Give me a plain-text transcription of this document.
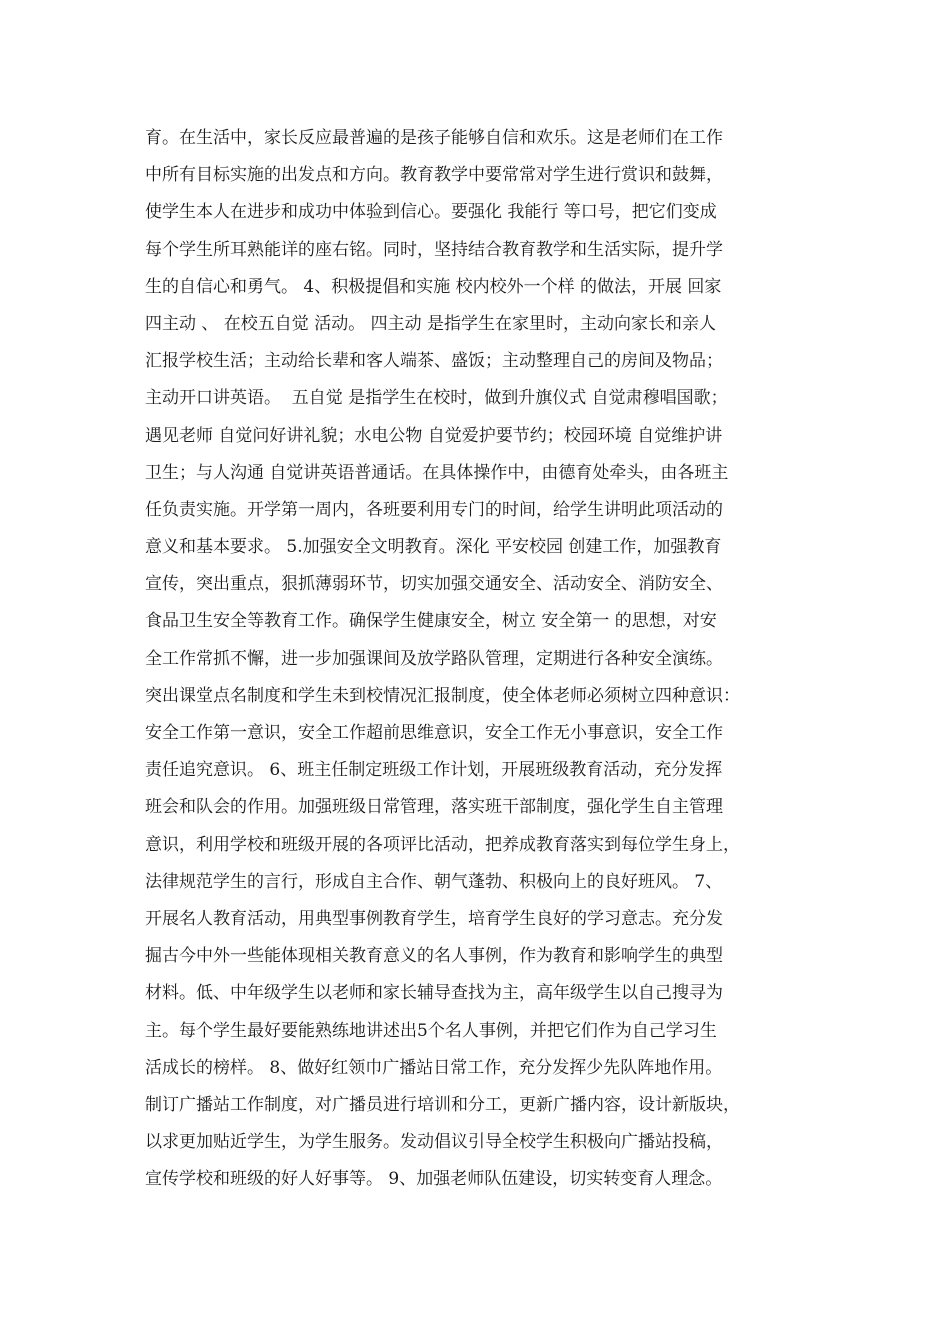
育。在生活中，家长反应最普遍的是孩子能够自信和欢乐。这是老师们在工作
中所有目标实施的出发点和方向。教育教学中要常常对学生进行赏识和鼓舞，
使学生本人在进步和成功中体验到信心。要强化 我能行 等口号，把它们变成
每个学生所耳熟能详的座右铭。同时，坚持结合教育教学和生活实际，提升学
生的自信心和勇气。 4、积极提倡和实施 校内校外一个样 的做法，开展 回家
四主动 、 在校五自觉 活动。 四主动 是指学生在家里时，主动向家长和亲人
汇报学校生活；主动给长辈和客人端茶、盛饭；主动整理自己的房间及物品；
主动开口讲英语。  五自觉 是指学生在校时，做到升旗仪式 自觉肃穆唱国歌；
遇见老师 自觉问好讲礼貌；水电公物 自觉爱护要节约；校园环境 自觉维护讲
卫生；与人沟通 自觉讲英语普通话。在具体操作中，由德育处牵头，由各班主
任负责实施。开学第一周内，各班要利用专门的时间，给学生讲明此项活动的
意义和基本要求。 5.加强安全文明教育。深化 平安校园 创建工作，加强教育
宣传，突出重点，狠抓薄弱环节，切实加强交通安全、活动安全、消防安全、
食品卫生安全等教育工作。确保学生健康安全，树立 安全第一 的思想，对安
全工作常抓不懈，进一步加强课间及放学路队管理，定期进行各种安全演练。
突出课堂点名制度和学生未到校情况汇报制度，使全体老师必须树立四种意识：
安全工作第一意识，安全工作超前思维意识，安全工作无小事意识，安全工作
责任追究意识。 6、班主任制定班级工作计划，开展班级教育活动，充分发挥
班会和队会的作用。加强班级日常管理，落实班干部制度，强化学生自主管理
意识，利用学校和班级开展的各项评比活动，把养成教育落实到每位学生身上，
法律规范学生的言行，形成自主合作、朝气蓬勃、积极向上的良好班风。 7、
开展名人教育活动，用典型事例教育学生，培育学生良好的学习意志。充分发
掘古今中外一些能体现相关教育意义的名人事例，作为教育和影响学生的典型
材料。低、中年级学生以老师和家长辅导查找为主，高年级学生以自己搜寻为
主。每个学生最好要能熟练地讲述出5个名人事例，并把它们作为自己学习生
活成长的榜样。 8、做好红领巾广播站日常工作，充分发挥少先队阵地作用。
制订广播站工作制度，对广播员进行培训和分工，更新广播内容，设计新版块，
以求更加贴近学生，为学生服务。发动倡议引导全校学生积极向广播站投稿，
宣传学校和班级的好人好事等。 9、加强老师队伍建设，切实转变育人理念。
